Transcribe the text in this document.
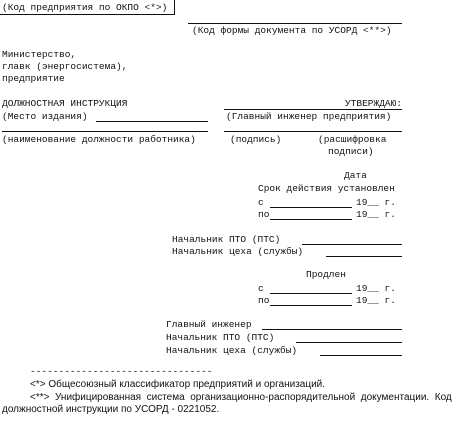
(Код предприятия по ОКПО <*>)
(Код формы документа по УСОРД <**>)
Министерство,
главк (энергосистема),
предприятие
ДОЛЖНОСТНАЯ ИНСТРУКЦИЯ
(Место издания)
(наименование должности работника)
УТВЕРЖДАЮ:
(Главный инженер предприятия)
(подпись)	(расшифровка
подписи)
Дата
Срок действия установлен
с	19__ г.
по	19__ г.
Начальник ПТО (ПТС)
Начальник цеха (службы)
Продлен
с	19__ г.
по	19__ г.
Главный инженер
Начальник ПТО (ПТС)
Начальник цеха (службы)
--------------------------------
<*> Общесоюзный классификатор предприятий и организаций.
<**>  Унифицированная  система  организационно-распорядительной  документации.  Код
должностной инструкции по УСОРД - 0221052.
